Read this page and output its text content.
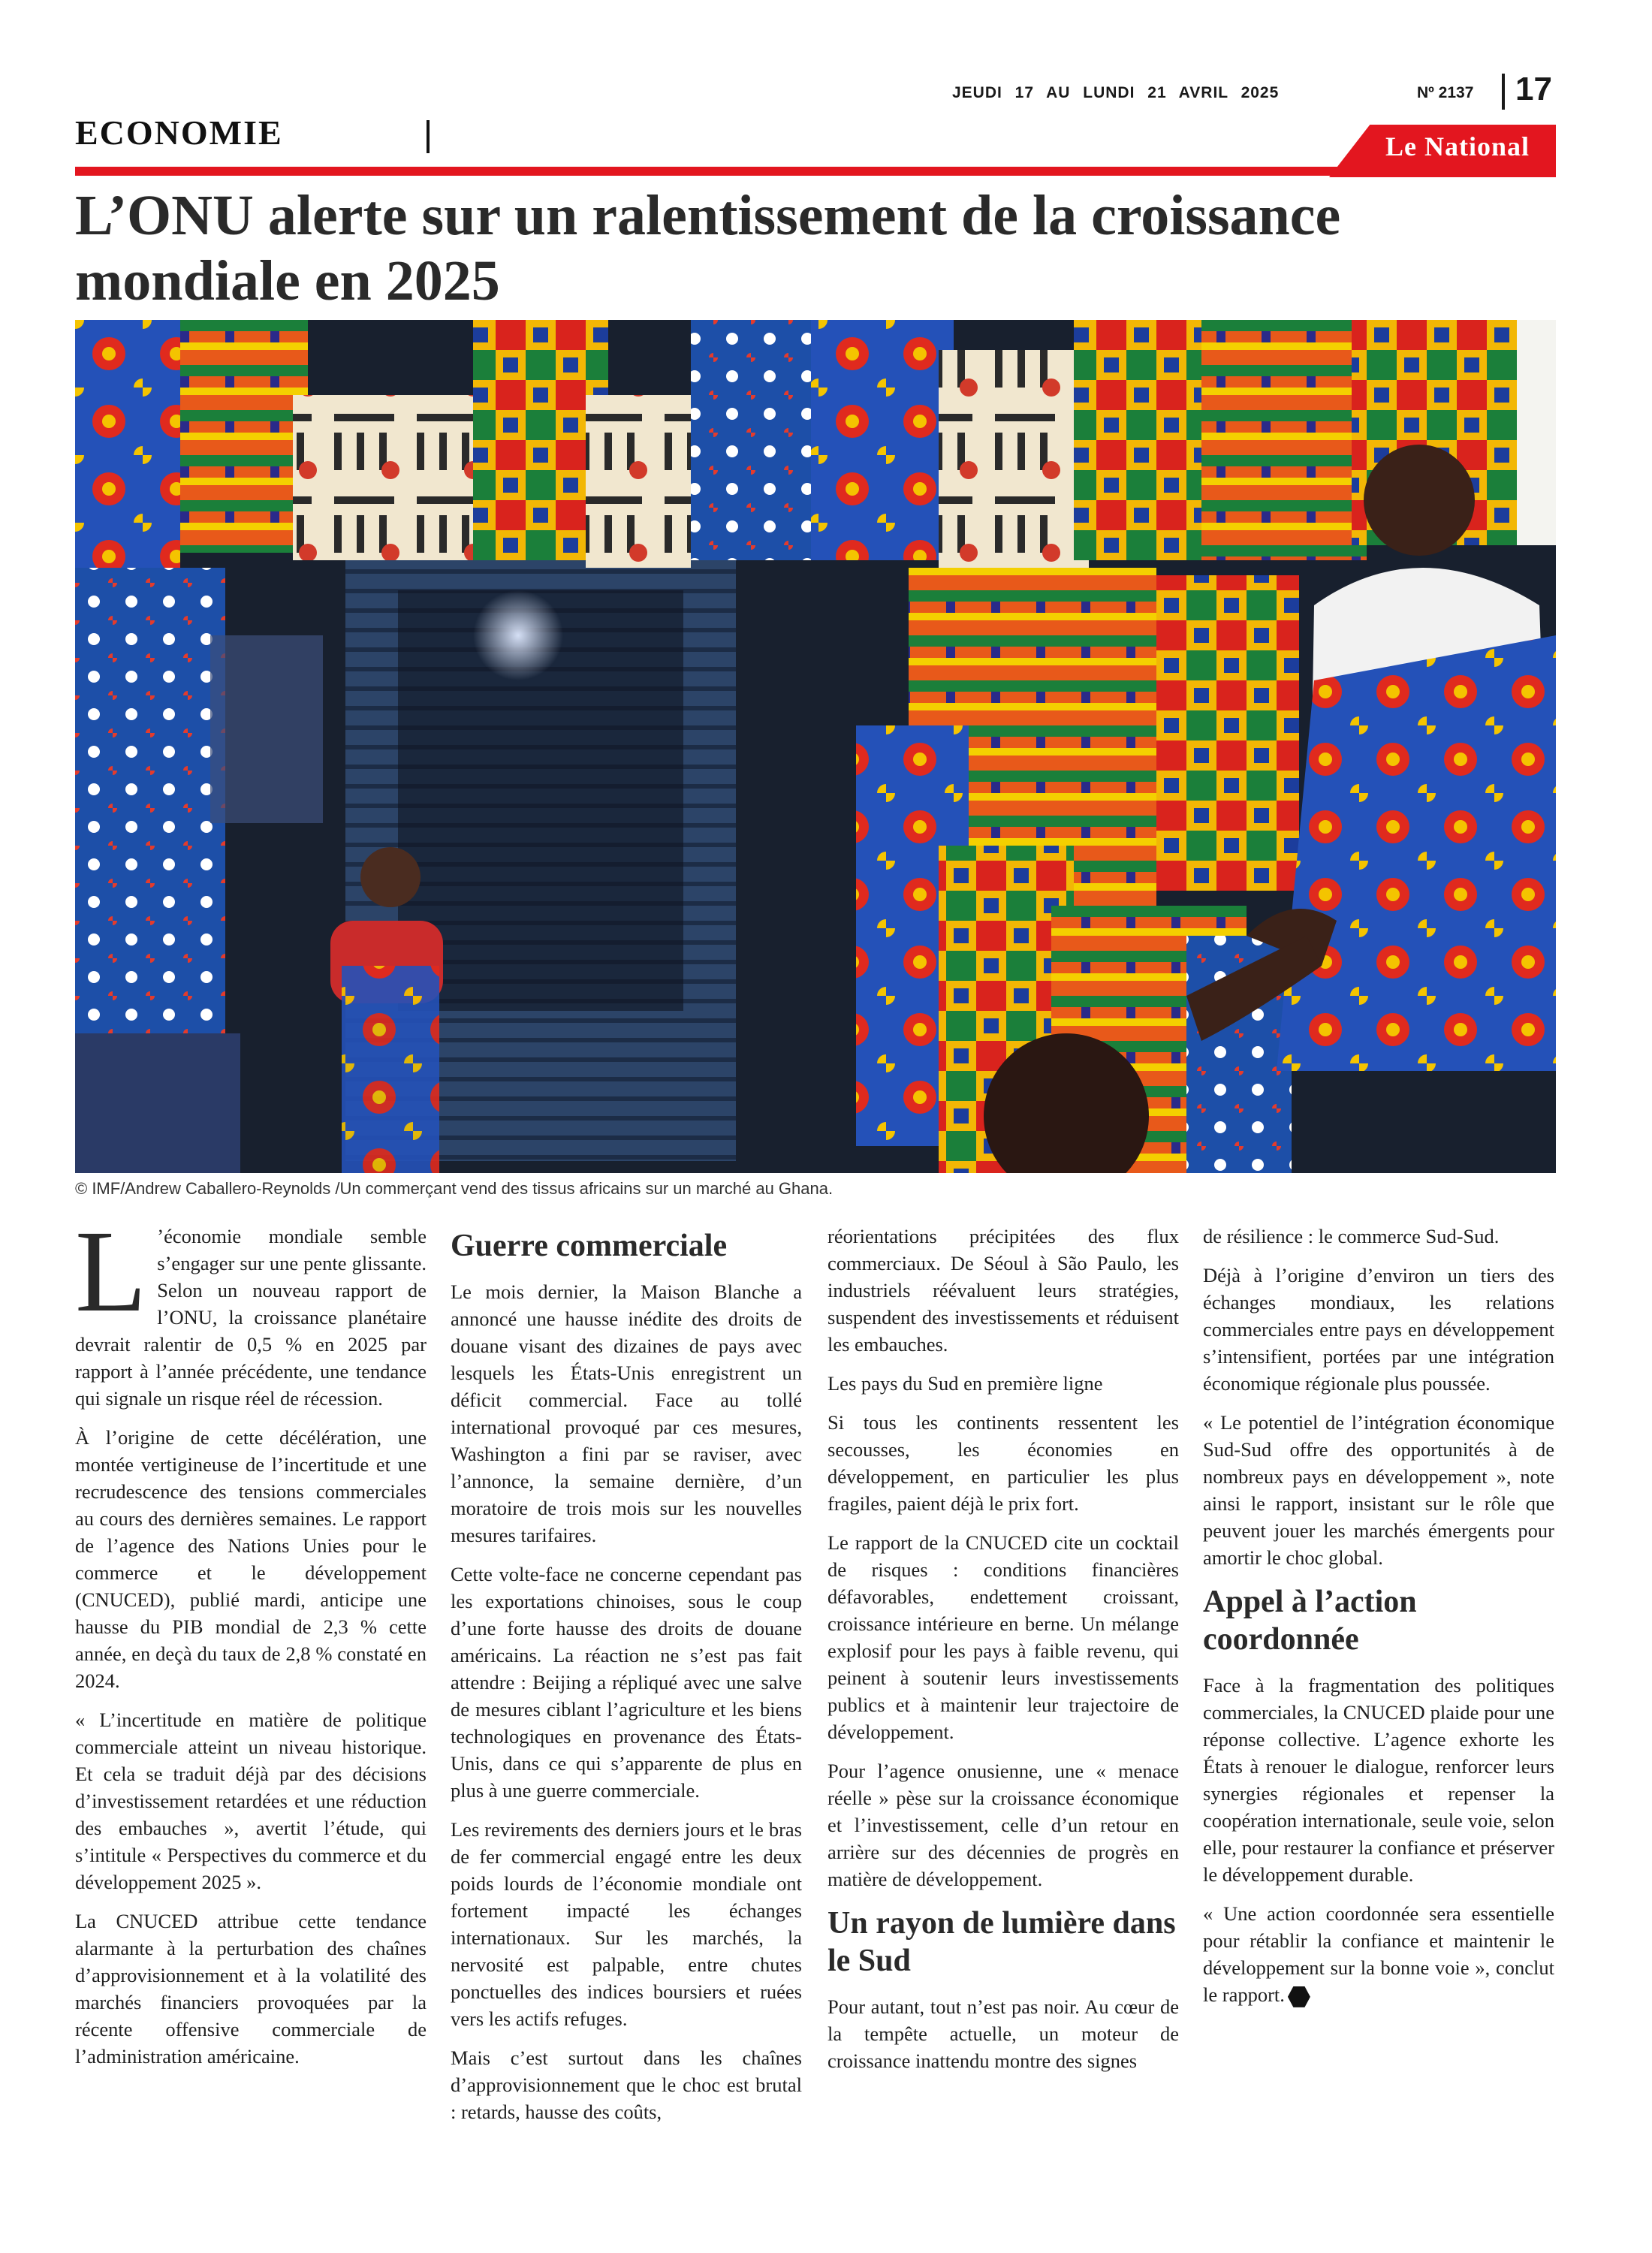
JEUDI 17 AU LUNDI 21 AVRIL 2025	Nº 2137 17
ECONOMIE	Le National
L’ONU alerte sur un ralentissement de la croissance mondiale en 2025
© IMF/Andrew Caballero-Reynolds /Un commerçant vend des tissus africains sur un marché au Ghana.

L ’économie mondiale semble s’engager sur une pente glissante. Selon un nouveau rapport de l’ONU, la croissance planétaire devrait ralentir de 0,5 % en 2025 par rapport à l’année précédente, une tendance qui signale un risque réel de récession.

À l’origine de cette décélération, une montée vertigineuse de l’incertitude et une recrudescence des tensions commerciales au cours des dernières semaines. Le rapport de l’agence des Nations Unies pour le commerce et le développement (CNUCED), publié mardi, anticipe une hausse du PIB mondial de 2,3 % cette année, en deçà du taux de 2,8 % constaté en 2024.

« L’incertitude en matière de politique commerciale atteint un niveau historique. Et cela se traduit déjà par des décisions d’investissement retardées et une réduction des embauches », avertit l’étude, qui s’intitule « Perspectives du commerce et du développement 2025 ».

La CNUCED attribue cette tendance alarmante à la perturbation des chaînes d’approvisionnement et à la volatilité des marchés financiers provoquées par la récente offensive commerciale de l’administration américaine.

Guerre commerciale

Le mois dernier, la Maison Blanche a annoncé une hausse inédite des droits de douane visant des dizaines de pays avec lesquels les États-Unis enregistrent un déficit commercial. Face au tollé international provoqué par ces mesures, Washington a fini par se raviser, avec l’annonce, la semaine dernière, d’un moratoire de trois mois sur les nouvelles mesures tarifaires.

Cette volte-face ne concerne cependant pas les exportations chinoises, sous le coup d’une forte hausse des droits de douane américains. La réaction ne s’est pas fait attendre : Beijing a répliqué avec une salve de mesures ciblant l’agriculture et les biens technologiques en provenance des États-Unis, dans ce qui s’apparente de plus en plus à une guerre commerciale.

Les revirements des derniers jours et le bras de fer commercial engagé entre les deux poids lourds de l’économie mondiale ont fortement impacté les échanges internationaux. Sur les marchés, la nervosité est palpable, entre chutes ponctuelles des indices boursiers et ruées vers les actifs refuges.

Mais c’est surtout dans les chaînes d’approvisionnement que le choc est brutal : retards, hausse des coûts,

réorientations précipitées des flux commerciaux. De Séoul à São Paulo, les industriels réévaluent leurs stratégies, suspendent des investissements et réduisent les embauches.

Les pays du Sud en première ligne

Si tous les continents ressentent les secousses, les économies en développement, en particulier les plus fragiles, paient déjà le prix fort.

Le rapport de la CNUCED cite un cocktail de risques : conditions financières défavorables, endettement croissant, croissance intérieure en berne. Un mélange explosif pour les pays à faible revenu, qui peinent à soutenir leurs investissements publics et à maintenir leur trajectoire de développement.

Pour l’agence onusienne, une « menace réelle » pèse sur la croissance économique et l’investissement, celle d’un retour en arrière sur des décennies de progrès en matière de développement.

Un rayon de lumière dans le Sud

Pour autant, tout n’est pas noir. Au cœur de la tempête actuelle, un moteur de croissance inattendu montre des signes

de résilience : le commerce Sud-Sud.

Déjà à l’origine d’environ un tiers des échanges mondiaux, les relations commerciales entre pays en développement s’intensifient, portées par une intégration économique régionale plus poussée.

« Le potentiel de l’intégration économique Sud-Sud offre des opportunités à de nombreux pays en développement », note ainsi le rapport, insistant sur le rôle que peuvent jouer les marchés émergents pour amortir le choc global.

Appel à l’action coordonnée

Face à la fragmentation des politiques commerciales, la CNUCED plaide pour une réponse collective. L’agence exhorte les États à renouer le dialogue, renforcer leurs synergies régionales et repenser la coopération internationale, seule voie, selon elle, pour restaurer la confiance et préserver le développement durable.

« Une action coordonnée sera essentielle pour rétablir la confiance et maintenir le développement sur la bonne voie », conclut le rapport.
